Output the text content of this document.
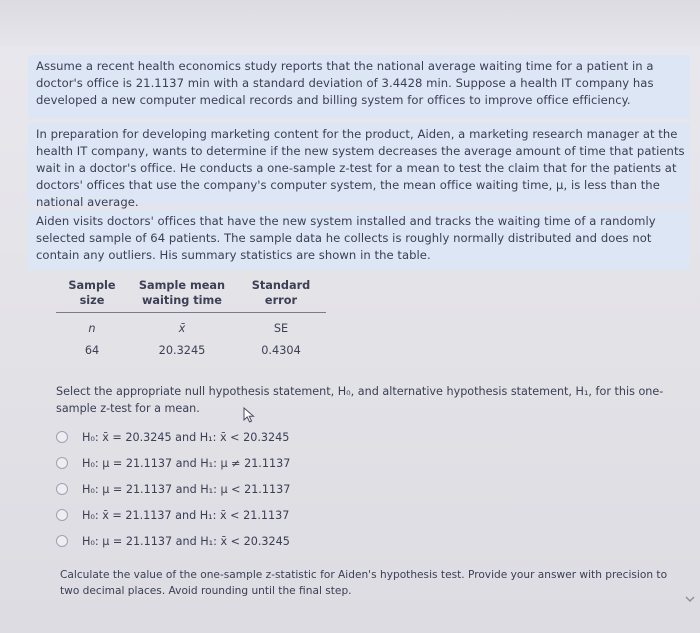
Assume a recent health economics study reports that the national average waiting time for a patient in a doctor's office is 21.1137 min with a standard deviation of 3.4428 min. Suppose a health IT company has developed a new computer medical records and billing system for offices to improve office efficiency.

In preparation for developing marketing content for the product, Aiden, a marketing research manager at the health IT company, wants to determine if the new system decreases the average amount of time that patients wait in a doctor's office. He conducts a one-sample z-test for a mean to test the claim that for the patients at doctors' offices that use the company's computer system, the mean office waiting time, μ, is less than the national average.

Aiden visits doctors' offices that have the new system installed and tracks the waiting time of a randomly selected sample of 64 patients. The sample data he collects is roughly normally distributed and does not contain any outliers. His summary statistics are shown in the table.

Sample size	Sample mean waiting time	Standard error
n	x̄	SE
64	20.3245	0.4304

Select the appropriate null hypothesis statement, H₀, and alternative hypothesis statement, H₁, for this one-sample z-test for a mean.

H₀: x̄ = 20.3245 and H₁: x̄ < 20.3245
H₀: μ = 21.1137 and H₁: μ ≠ 21.1137
H₀: μ = 21.1137 and H₁: μ < 21.1137
H₀: x̄ = 21.1137 and H₁: x̄ < 21.1137
H₀: μ = 21.1137 and H₁: x̄ < 20.3245

Calculate the value of the one-sample z-statistic for Aiden's hypothesis test. Provide your answer with precision to two decimal places. Avoid rounding until the final step.
